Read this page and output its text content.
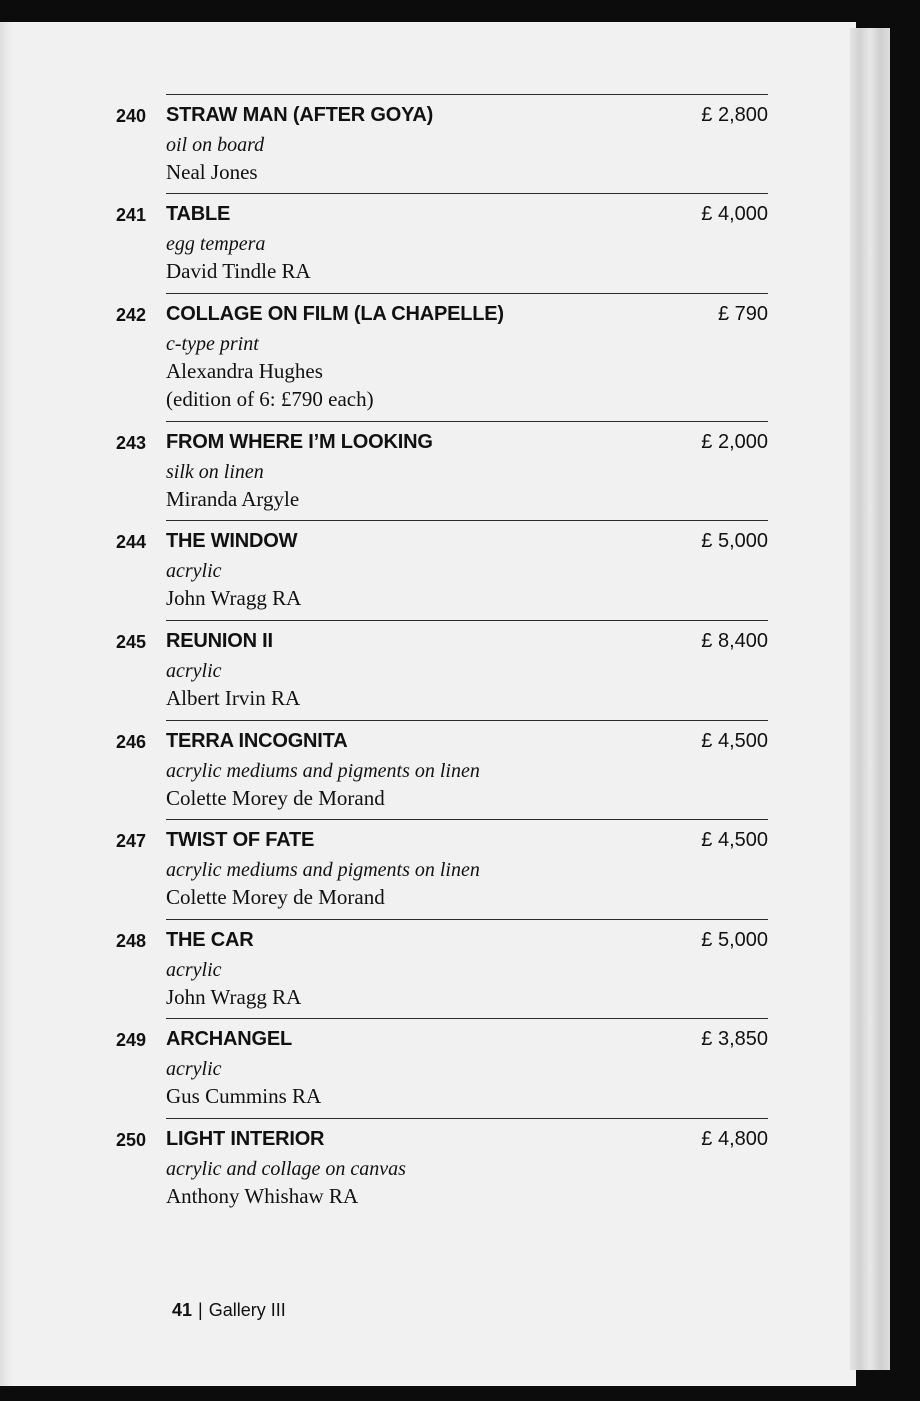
240 STRAW MAN (AFTER GOYA)	£ 2,800
oil on board
Neal Jones
241 TABLE	£ 4,000
egg tempera
David Tindle RA
242 COLLAGE ON FILM (LA CHAPELLE)	£ 790
c-type print
Alexandra Hughes
(edition of 6: £790 each)
243 FROM WHERE I’M LOOKING	£ 2,000
silk on linen
Miranda Argyle
244 THE WINDOW	£ 5,000
acrylic
John Wragg RA
245 REUNION II	£ 8,400
acrylic
Albert Irvin RA
246 TERRA INCOGNITA	£ 4,500
acrylic mediums and pigments on linen
Colette Morey de Morand
247 TWIST OF FATE	£ 4,500
acrylic mediums and pigments on linen
Colette Morey de Morand
248 THE CAR	£ 5,000
acrylic
John Wragg RA
249 ARCHANGEL	£ 3,850
acrylic
Gus Cummins RA
250 LIGHT INTERIOR	£ 4,800
acrylic and collage on canvas
Anthony Whishaw RA
41 | Gallery III
